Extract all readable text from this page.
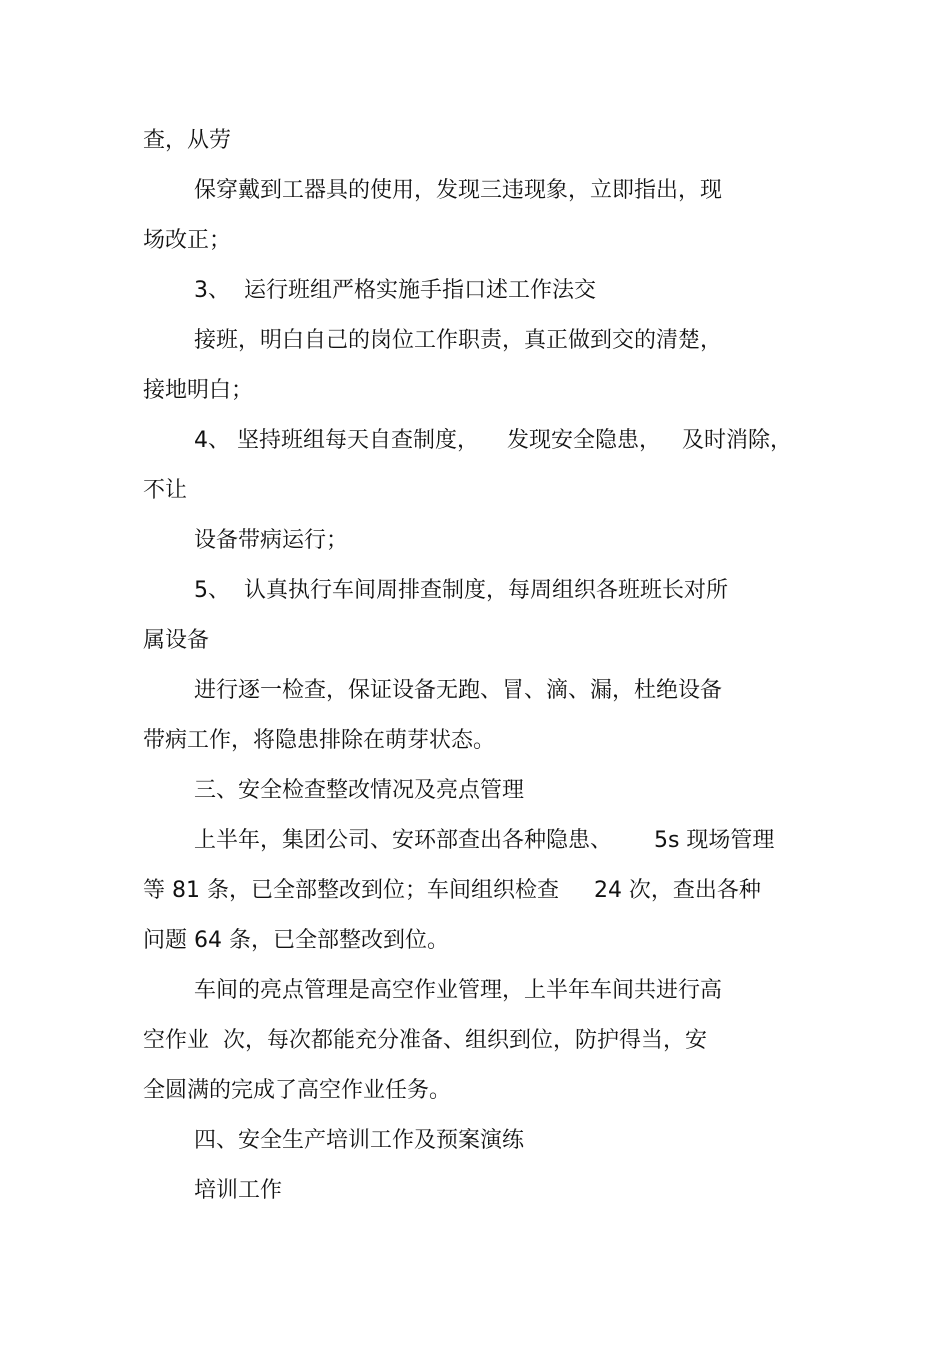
查，从劳
保穿戴到工器具的使用，发现三违现象，立即指出，现
场改正；
3、  运行班组严格实施手指口述工作法交
接班，明白自己的岗位工作职责，真正做到交的清楚，
接地明白；
4、 坚持班组每天自查制度，    发现安全隐患，   及时消除，
不让
设备带病运行；
5、  认真执行车间周排查制度，每周组织各班班长对所
属设备
进行逐一检查，保证设备无跑、冒、滴、漏，杜绝设备
带病工作，将隐患排除在萌芽状态。
三、安全检查整改情况及亮点管理
上半年，集团公司、安环部查出各种隐患、      5s 现场管理
等 81 条，已全部整改到位；车间组织检查     24 次，查出各种
问题 64 条，已全部整改到位。
车间的亮点管理是高空作业管理，上半年车间共进行高
空作业  次，每次都能充分准备、组织到位，防护得当，安
全圆满的完成了高空作业任务。
四、安全生产培训工作及预案演练
培训工作
